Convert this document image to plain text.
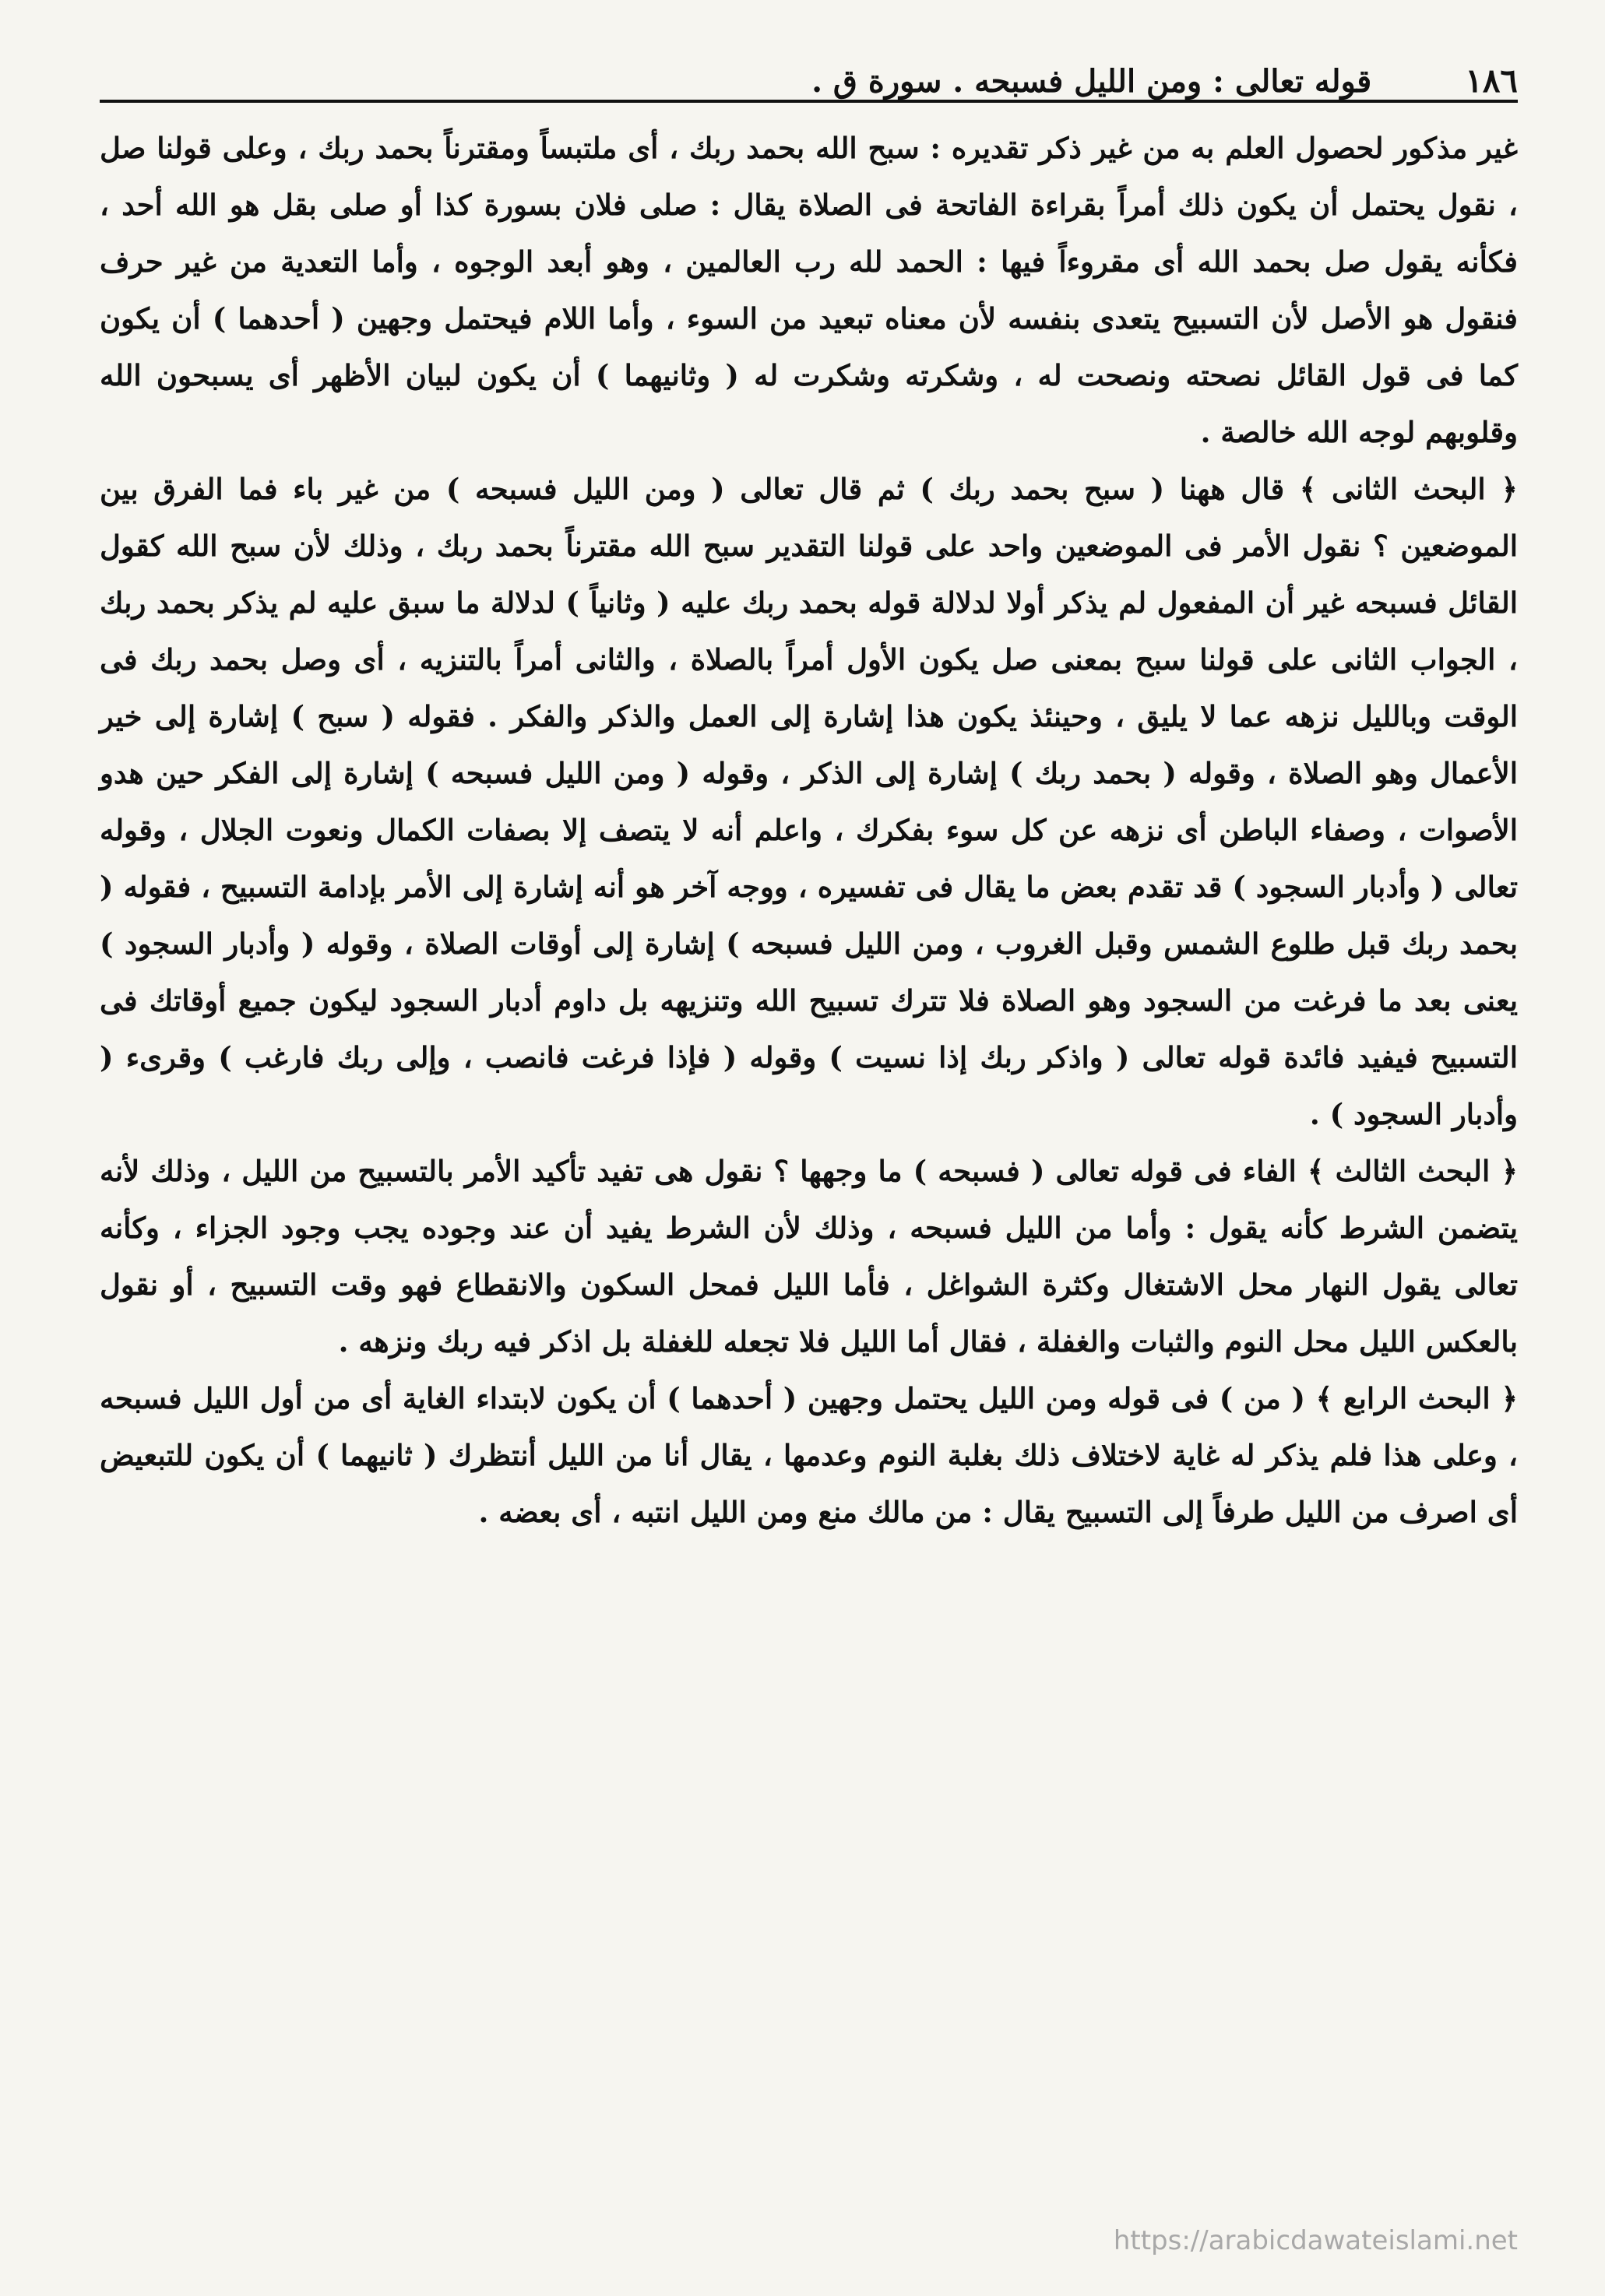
١٨٦
قوله تعالى : ومن الليل فسبحه . سورة ق .

غير مذكور لحصول العلم به من غير ذكر تقديره : سبح الله بحمد ربك ، أى ملتبساً ومقترناً بحمد ربك ، وعلى قولنا صل ، نقول يحتمل أن يكون ذلك أمراً بقراءة الفاتحة فى الصلاة يقال : صلى فلان بسورة كذا أو صلى بقل هو الله أحد ، فكأنه يقول صل بحمد الله أى مقروءاً فيها : الحمد لله رب العالمين ، وهو أبعد الوجوه ، وأما التعدية من غير حرف فنقول هو الأصل لأن التسبيح يتعدى بنفسه لأن معناه تبعيد من السوء ، وأما اللام فيحتمل وجهين ( أحدهما ) أن يكون كما فى قول القائل نصحته ونصحت له ، وشكرته وشكرت له ( وثانيهما ) أن يكون لبيان الأظهر أى يسبحون الله وقلوبهم لوجه الله خالصة .

﴿ البحث الثانى ﴾ قال ههنا ( سبح بحمد ربك ) ثم قال تعالى ( ومن الليل فسبحه ) من غير باء فما الفرق بين الموضعين ؟ نقول الأمر فى الموضعين واحد على قولنا التقدير سبح الله مقترناً بحمد ربك ، وذلك لأن سبح الله كقول القائل فسبحه غير أن المفعول لم يذكر أولا لدلالة قوله بحمد ربك عليه ( وثانياً ) لدلالة ما سبق عليه لم يذكر بحمد ربك ، الجواب الثانى على قولنا سبح بمعنى صل يكون الأول أمراً بالصلاة ، والثانى أمراً بالتنزيه ، أى وصل بحمد ربك فى الوقت وبالليل نزهه عما لا يليق ، وحينئذ يكون هذا إشارة إلى العمل والذكر والفكر . فقوله ( سبح ) إشارة إلى خير الأعمال وهو الصلاة ، وقوله ( بحمد ربك ) إشارة إلى الذكر ، وقوله ( ومن الليل فسبحه ) إشارة إلى الفكر حين هدو الأصوات ، وصفاء الباطن أى نزهه عن كل سوء بفكرك ، واعلم أنه لا يتصف إلا بصفات الكمال ونعوت الجلال ، وقوله تعالى ( وأدبار السجود ) قد تقدم بعض ما يقال فى تفسيره ، ووجه آخر هو أنه إشارة إلى الأمر بإدامة التسبيح ، فقوله ( بحمد ربك قبل طلوع الشمس وقبل الغروب ، ومن الليل فسبحه ) إشارة إلى أوقات الصلاة ، وقوله ( وأدبار السجود ) يعنى بعد ما فرغت من السجود وهو الصلاة فلا تترك تسبيح الله وتنزيهه بل داوم أدبار السجود ليكون جميع أوقاتك فى التسبيح فيفيد فائدة قوله تعالى ( واذكر ربك إذا نسيت ) وقوله ( فإذا فرغت فانصب ، وإلى ربك فارغب ) وقرىء ( وأدبار السجود ) .

﴿ البحث الثالث ﴾ الفاء فى قوله تعالى ( فسبحه ) ما وجهها ؟ نقول هى تفيد تأكيد الأمر بالتسبيح من الليل ، وذلك لأنه يتضمن الشرط كأنه يقول : وأما من الليل فسبحه ، وذلك لأن الشرط يفيد أن عند وجوده يجب وجود الجزاء ، وكأنه تعالى يقول النهار محل الاشتغال وكثرة الشواغل ، فأما الليل فمحل السكون والانقطاع فهو وقت التسبيح ، أو نقول بالعكس الليل محل النوم والثبات والغفلة ، فقال أما الليل فلا تجعله للغفلة بل اذكر فيه ربك ونزهه .

﴿ البحث الرابع ﴾ ( من ) فى قوله ومن الليل يحتمل وجهين ( أحدهما ) أن يكون لابتداء الغاية أى من أول الليل فسبحه ، وعلى هذا فلم يذكر له غاية لاختلاف ذلك بغلبة النوم وعدمها ، يقال أنا من الليل أنتظرك ( ثانيهما ) أن يكون للتبعيض أى اصرف من الليل طرفاً إلى التسبيح يقال : من مالك منع ومن الليل انتبه ، أى بعضه .

https://arabicdawateislami.net
